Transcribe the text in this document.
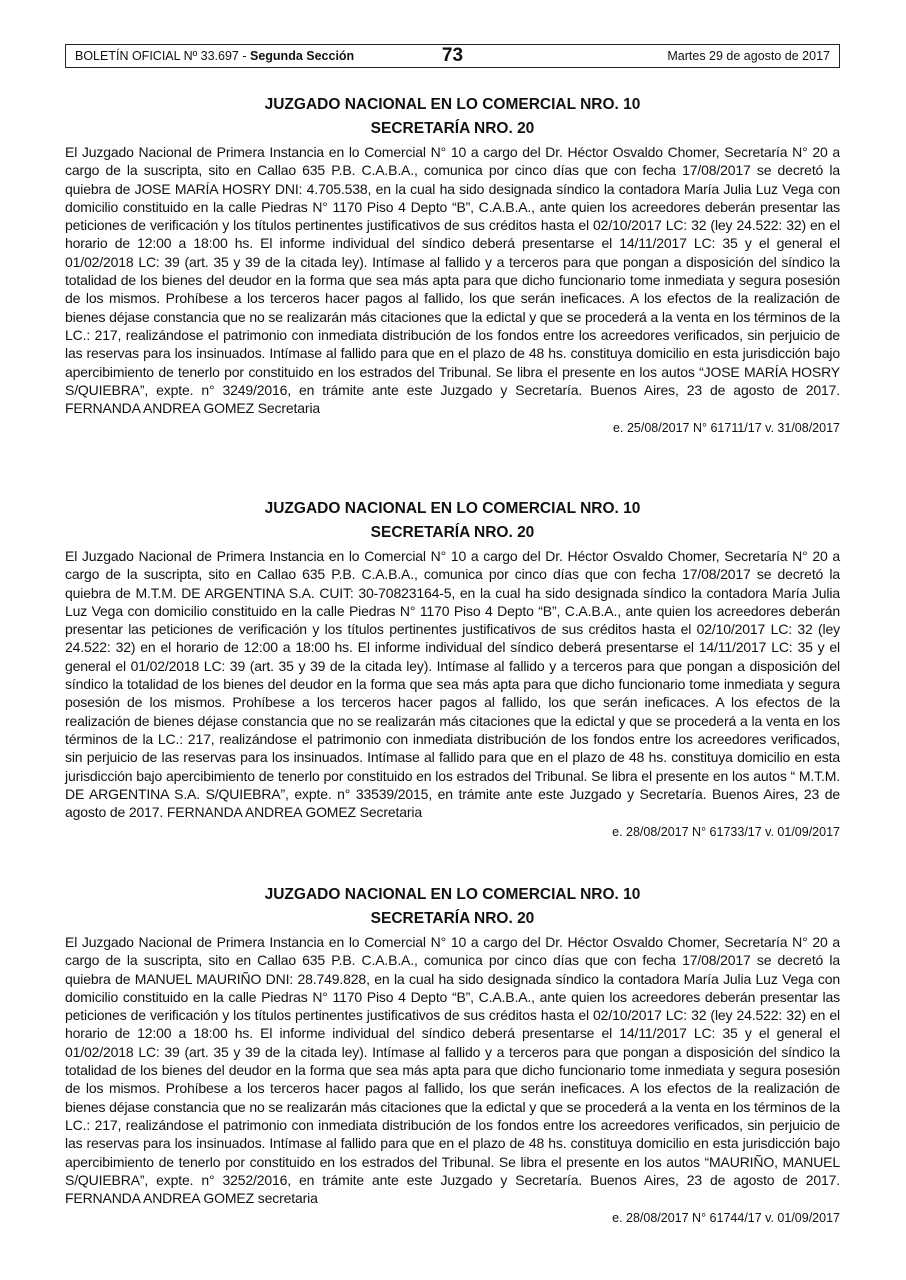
BOLETÍN OFICIAL Nº 33.697 - Segunda Sección	73	Martes 29 de agosto de 2017
JUZGADO NACIONAL EN LO COMERCIAL NRO. 10
SECRETARÍA NRO. 20

El Juzgado Nacional de Primera Instancia en lo Comercial N° 10 a cargo del Dr. Héctor Osvaldo Chomer, Secretaría N° 20 a cargo de la suscripta, sito en Callao 635 P.B. C.A.B.A., comunica por cinco días que con fecha 17/08/2017 se decretó la quiebra de JOSE MARÍA HOSRY DNI: 4.705.538, en la cual ha sido designada síndico la contadora María Julia Luz Vega con domicilio constituido en la calle Piedras N° 1170 Piso 4 Depto “B”, C.A.B.A., ante quien los acreedores deberán presentar las peticiones de verificación y los títulos pertinentes justificativos de sus créditos hasta el 02/10/2017 LC: 32 (ley 24.522: 32) en el horario de 12:00 a 18:00 hs. El informe individual del síndico deberá presentarse el 14/11/2017 LC: 35 y el general el 01/02/2018 LC: 39 (art. 35 y 39 de la citada ley). Intímase al fallido y a terceros para que pongan a disposición del síndico la totalidad de los bienes del deudor en la forma que sea más apta para que dicho funcionario tome inmediata y segura posesión de los mismos. Prohíbese a los terceros hacer pagos al fallido, los que serán ineficaces. A los efectos de la realización de bienes déjase constancia que no se realizarán más citaciones que la edictal y que se procederá a la venta en los términos de la LC.: 217, realizándose el patrimonio con inmediata distribución de los fondos entre los acreedores verificados, sin perjuicio de las reservas para los insinuados. Intímase al fallido para que en el plazo de 48 hs. constituya domicilio en esta jurisdicción bajo apercibimiento de tenerlo por constituido en los estrados del Tribunal. Se libra el presente en los autos “JOSE MARÍA HOSRY S/QUIEBRA”, expte. n° 3249/2016, en trámite ante este Juzgado y Secretaría. Buenos Aires, 23 de agosto de 2017. FERNANDA ANDREA GOMEZ Secretaria

e. 25/08/2017 N° 61711/17 v. 31/08/2017
JUZGADO NACIONAL EN LO COMERCIAL NRO. 10
SECRETARÍA NRO. 20

El Juzgado Nacional de Primera Instancia en lo Comercial N° 10 a cargo del Dr. Héctor Osvaldo Chomer, Secretaría N° 20 a cargo de la suscripta, sito en Callao 635 P.B. C.A.B.A., comunica por cinco días que con fecha 17/08/2017 se decretó la quiebra de M.T.M. DE ARGENTINA S.A. CUIT: 30-70823164-5, en la cual ha sido designada síndico la contadora María Julia Luz Vega con domicilio constituido en la calle Piedras N° 1170 Piso 4 Depto “B”, C.A.B.A., ante quien los acreedores deberán presentar las peticiones de verificación y los títulos pertinentes justificativos de sus créditos hasta el 02/10/2017 LC: 32 (ley 24.522: 32) en el horario de 12:00 a 18:00 hs. El informe individual del síndico deberá presentarse el 14/11/2017 LC: 35 y el general el 01/02/2018 LC: 39 (art. 35 y 39 de la citada ley). Intímase al fallido y a terceros para que pongan a disposición del síndico la totalidad de los bienes del deudor en la forma que sea más apta para que dicho funcionario tome inmediata y segura posesión de los mismos. Prohíbese a los terceros hacer pagos al fallido, los que serán ineficaces. A los efectos de la realización de bienes déjase constancia que no se realizarán más citaciones que la edictal y que se procederá a la venta en los términos de la LC.: 217, realizándose el patrimonio con inmediata distribución de los fondos entre los acreedores verificados, sin perjuicio de las reservas para los insinuados. Intímase al fallido para que en el plazo de 48 hs. constituya domicilio en esta jurisdicción bajo apercibimiento de tenerlo por constituido en los estrados del Tribunal. Se libra el presente en los autos “ M.T.M. DE ARGENTINA S.A. S/QUIEBRA”, expte. n° 33539/2015, en trámite ante este Juzgado y Secretaría. Buenos Aires, 23 de agosto de 2017. FERNANDA ANDREA GOMEZ Secretaria

e. 28/08/2017 N° 61733/17 v. 01/09/2017
JUZGADO NACIONAL EN LO COMERCIAL NRO. 10
SECRETARÍA NRO. 20

El Juzgado Nacional de Primera Instancia en lo Comercial N° 10 a cargo del Dr. Héctor Osvaldo Chomer, Secretaría N° 20 a cargo de la suscripta, sito en Callao 635 P.B. C.A.B.A., comunica por cinco días que con fecha 17/08/2017 se decretó la quiebra de MANUEL MAURIÑO DNI: 28.749.828, en la cual ha sido designada síndico la contadora María Julia Luz Vega con domicilio constituido en la calle Piedras N° 1170 Piso 4 Depto “B”, C.A.B.A., ante quien los acreedores deberán presentar las peticiones de verificación y los títulos pertinentes justificativos de sus créditos hasta el 02/10/2017 LC: 32 (ley 24.522: 32) en el horario de 12:00 a 18:00 hs. El informe individual del síndico deberá presentarse el 14/11/2017 LC: 35 y el general el 01/02/2018 LC: 39 (art. 35 y 39 de la citada ley). Intímase al fallido y a terceros para que pongan a disposición del síndico la totalidad de los bienes del deudor en la forma que sea más apta para que dicho funcionario tome inmediata y segura posesión de los mismos. Prohíbese a los terceros hacer pagos al fallido, los que serán ineficaces. A los efectos de la realización de bienes déjase constancia que no se realizarán más citaciones que la edictal y que se procederá a la venta en los términos de la LC.: 217, realizándose el patrimonio con inmediata distribución de los fondos entre los acreedores verificados, sin perjuicio de las reservas para los insinuados. Intímase al fallido para que en el plazo de 48 hs. constituya domicilio en esta jurisdicción bajo apercibimiento de tenerlo por constituido en los estrados del Tribunal. Se libra el presente en los autos “MAURIÑO, MANUEL S/QUIEBRA”, expte. n° 3252/2016, en trámite ante este Juzgado y Secretaría. Buenos Aires, 23 de agosto de 2017. FERNANDA ANDREA GOMEZ secretaria

e. 28/08/2017 N° 61744/17 v. 01/09/2017
